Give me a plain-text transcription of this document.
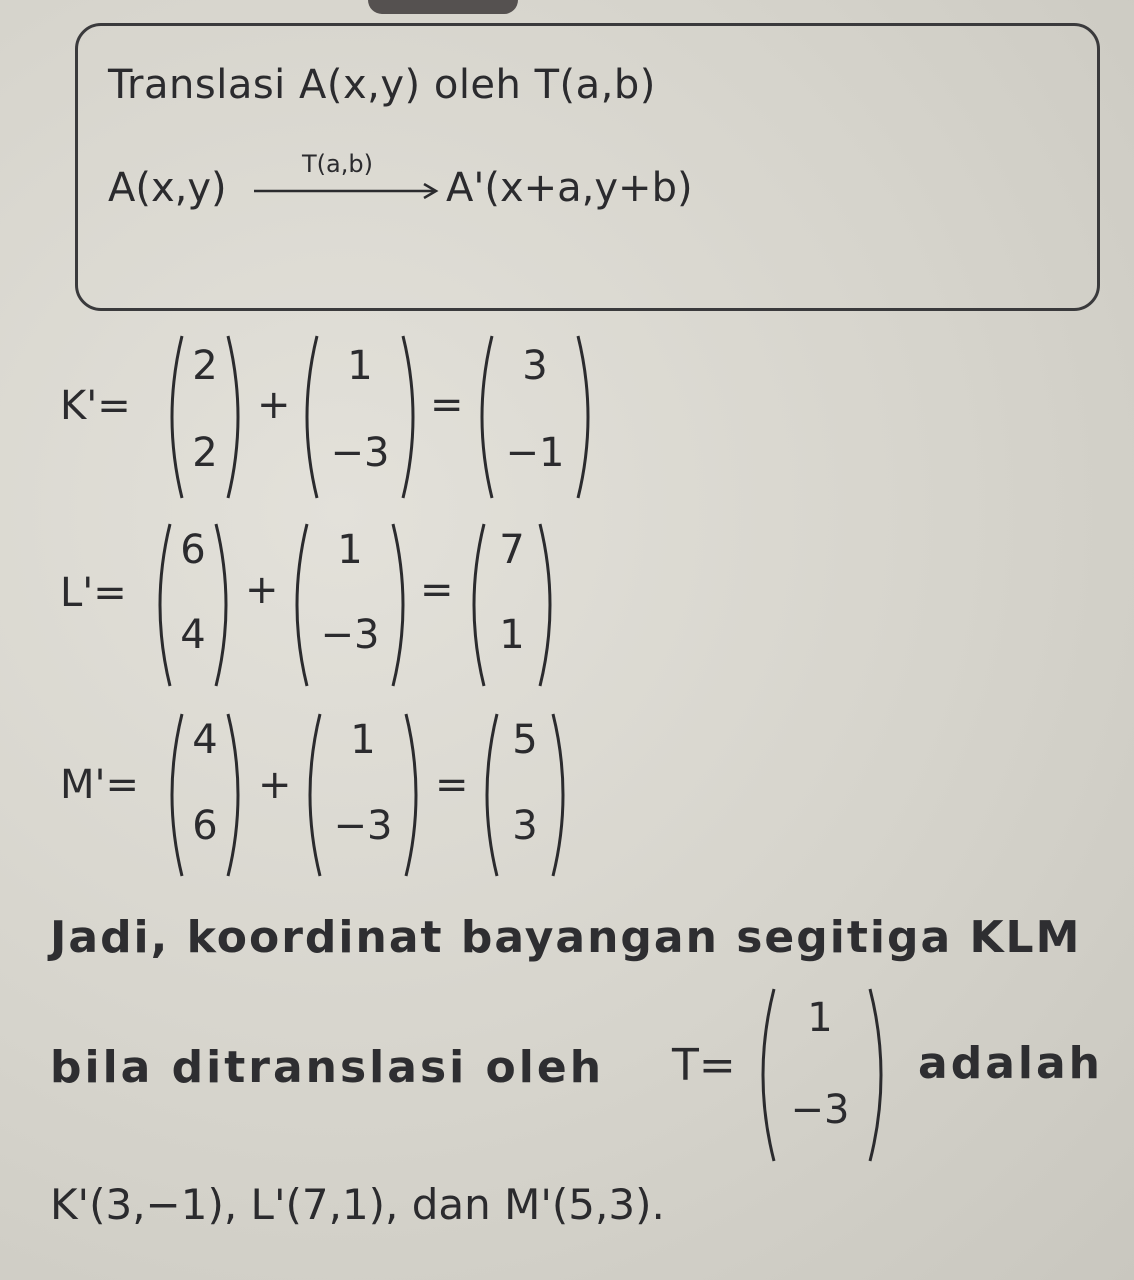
Translasi A(x,y) oleh T(a,b)
A(x,y)
T(a,b)
A'(x+a,y+b)
K'=
2
2
+
1
−3
=
3
−1
L'=
6
4
+
1
−3
=
7
1
M'=
4
6
+
1
−3
=
5
3
Jadi, koordinat bayangan segitiga KLM
bila ditranslasi oleh T=
1
−3
adalah
K'(3,−1), L'(7,1), dan M'(5,3).
